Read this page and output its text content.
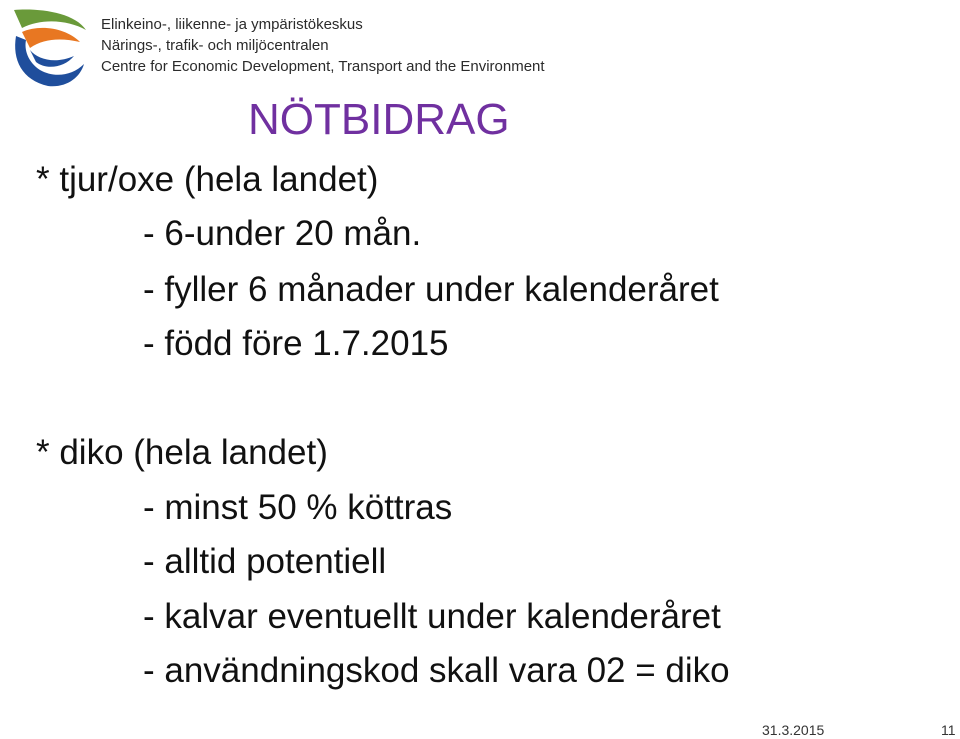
Elinkeino-, liikenne- ja ympäristökeskus
Närings-, trafik- och miljöcentralen
Centre for Economic Development, Transport and the Environment
NÖTBIDRAG
* tjur/oxe (hela landet)
- 6-under 20 mån.
- fyller 6 månader under kalenderåret
- född före 1.7.2015
* diko (hela landet)
- minst 50 % köttras
- alltid potentiell
- kalvar eventuellt under kalenderåret
- användningskod skall vara 02 = diko
31.3.2015	11
